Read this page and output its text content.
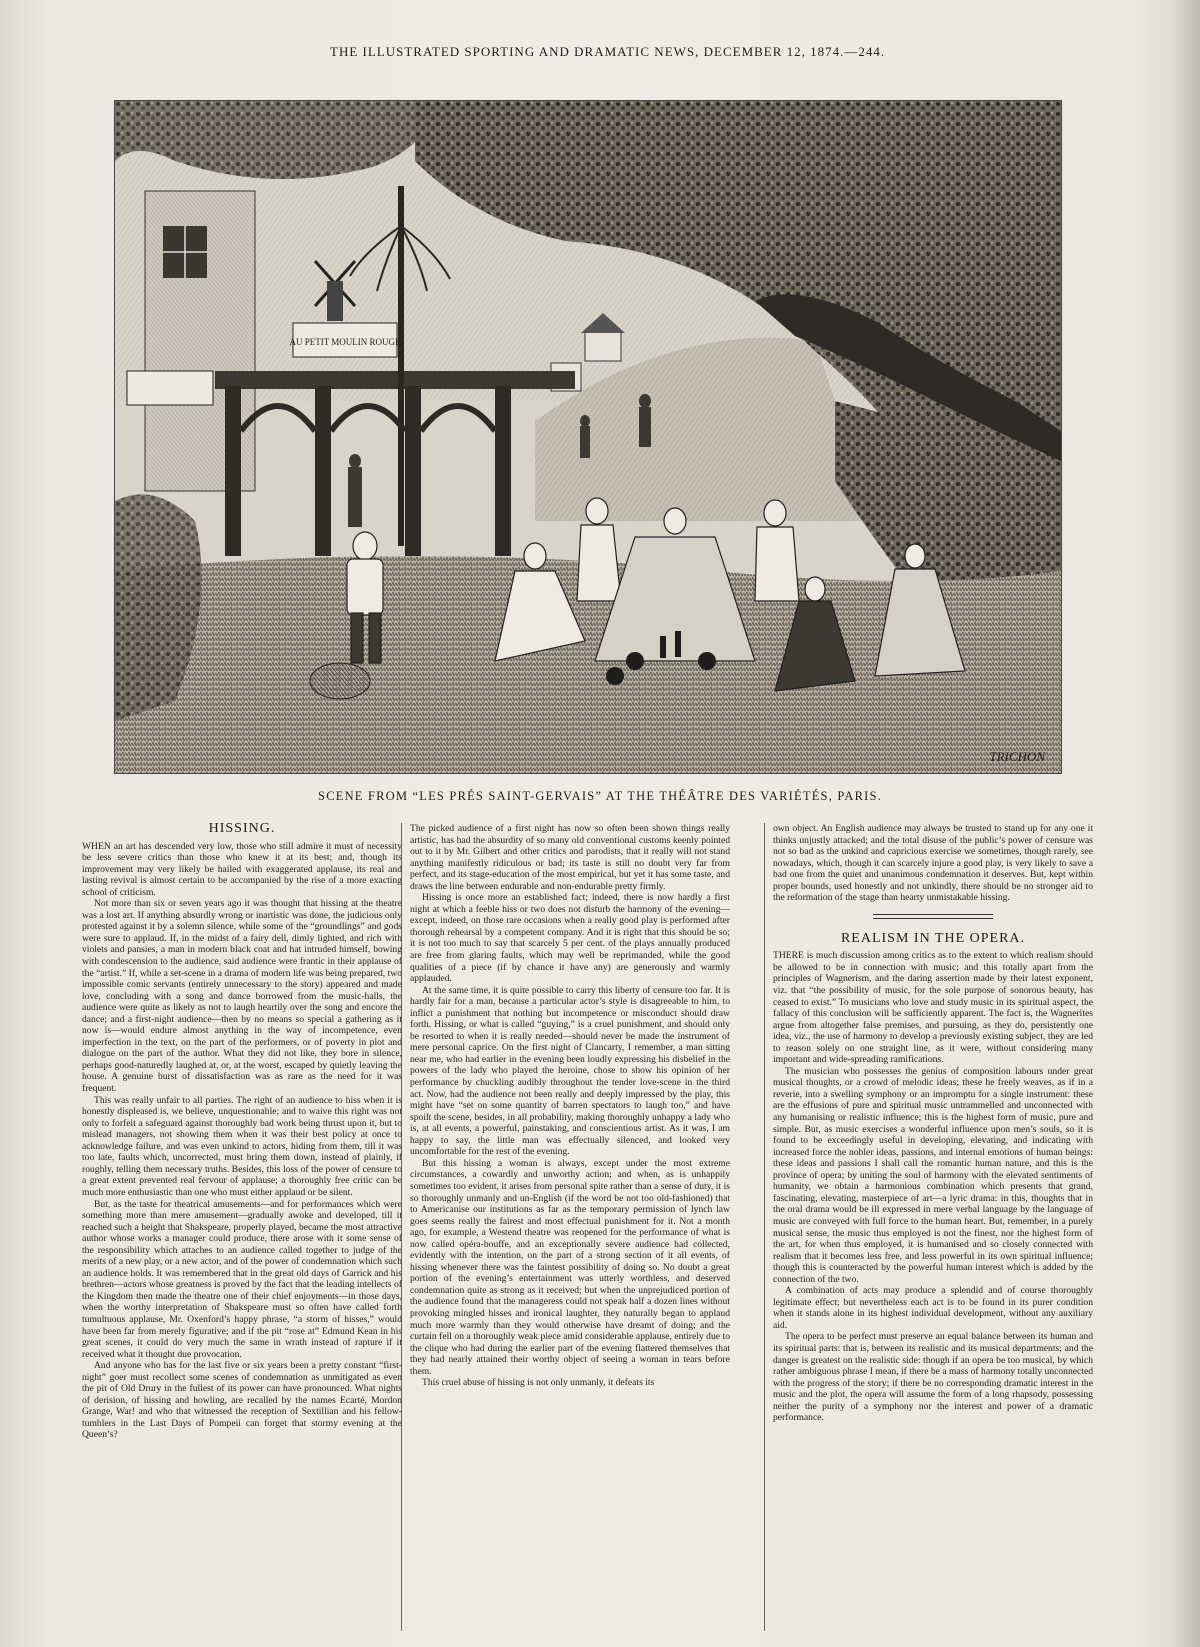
THE ILLUSTRATED SPORTING AND DRAMATIC NEWS, DECEMBER 12, 1874.—244.
AU PETIT MOULIN ROUGE
TRICHON
SCENE FROM “LES PRÉS SAINT-GERVAIS” AT THE THÉÂTRE DES VARIÉTÉS, PARIS.
HISSING.

WHEN an art has descended very low, those who still admire it must of necessity be less severe critics than those who knew it at its best; and, though its improvement may very likely be hailed with exaggerated applause, its real and lasting revival is almost certain to be accompanied by the rise of a more exacting school of criticism.

Not more than six or seven years ago it was thought that hissing at the theatre was a lost art. If anything absurdly wrong or inartistic was done, the judicious only protested against it by a solemn silence, while some of the “groundlings” and gods were sure to applaud. If, in the midst of a fairy dell, dimly lighted, and rich with violets and pansies, a man in modern black coat and hat intruded himself, bowing with condescension to the audience, said audience were frantic in their applause of the “artist.” If, while a set-scene in a drama of modern life was being prepared, two impossible comic servants (entirely unnecessary to the story) appeared and made love, concluding with a song and dance borrowed from the music-halls, the audience were quite as likely as not to laugh heartily over the song and encore the dance; and a first-night audience—then by no means so special a gathering as it now is—would endure almost anything in the way of incompetence, even imperfection in the text, on the part of the performers, or of poverty in plot and dialogue on the part of the author. What they did not like, they bore in silence, perhaps good-naturedly laughed at, or, at the worst, escaped by quietly leaving the house. A genuine burst of dissatisfaction was as rare as the need for it was frequent.

This was really unfair to all parties. The right of an audience to hiss when it is honestly displeased is, we believe, unquestionable; and to waive this right was not only to forfeit a safeguard against thoroughly bad work being thrust upon it, but to mislead managers, not showing them when it was their best policy at once to acknowledge failure, and was even unkind to actors, hiding from them, till it was too late, faults which, uncorrected, must bring them down, instead of plainly, if roughly, telling them necessary truths. Besides, this loss of the power of censure to a great extent prevented real fervour of applause; a thoroughly free critic can be much more enthusiastic than one who must either applaud or be silent.

But, as the taste for theatrical amusements—and for performances which were something more than mere amusement—gradually awoke and developed, till it reached such a height that Shakspeare, properly played, became the most attractive author whose works a manager could produce, there arose with it some sense of the responsibility which attaches to an audience called together to judge of the merits of a new play, or a new actor, and of the power of condemnation which such an audience holds. It was remembered that in the great old days of Garrick and his brethren—actors whose greatness is proved by the fact that the leading intellects of the Kingdom then made the theatre one of their chief enjoyments—in those days, when the worthy interpretation of Shakspeare must so often have called forth tumultuous applause, Mr. Oxenford’s happy phrase, “a storm of hisses,” would have been far from merely figurative; and if the pit “rose at” Edmund Kean in his great scenes, it could do very much the same in wrath instead of rapture if it received what it thought due provocation.

And anyone who has for the last five or six years been a pretty constant “first-night” goer must recollect some scenes of condemnation as unmitigated as even the pit of Old Drury in the fullest of its power can have pronounced. What nights of derision, of hissing and howling, are recalled by the names Ecarté, Mordon Grange, War! and who that witnessed the reception of Sextillian and his fellow-tumblers in the Last Days of Pompeii can forget that stormy evening at the Queen’s?

The picked audience of a first night has now so often been shown things really artistic, has had the absurdity of so many old conventional customs keenly pointed out to it by Mr. Gilbert and other critics and parodists, that it really will not stand anything manifestly ridiculous or bad; its taste is still no doubt very far from perfect, and its stage-education of the most empirical, but yet it has some taste, and draws the line between endurable and non-endurable pretty firmly.

Hissing is once more an established fact; indeed, there is now hardly a first night at which a feeble hiss or two does not disturb the harmony of the evening—except, indeed, on those rare occasions when a really good play is performed after thorough rehearsal by a competent company. And it is right that this should be so; it is not too much to say that scarcely 5 per cent. of the plays annually produced are free from glaring faults, which may well be reprimanded, while the good qualities of a piece (if by chance it have any) are generously and warmly applauded.

At the same time, it is quite possible to carry this liberty of censure too far. It is hardly fair for a man, because a particular actor’s style is disagreeable to him, to inflict a punishment that nothing but incompetence or misconduct should draw forth. Hissing, or what is called “guying,” is a cruel punishment, and should only be resorted to when it is really needed—should never be made the instrument of mere personal caprice. On the first night of Clancarty, I remember, a man sitting near me, who had earlier in the evening been loudly expressing his disbelief in the powers of the lady who played the heroine, chose to show his opinion of her performance by chuckling audibly throughout the tender love-scene in the third act. Now, had the audience not been really and deeply impressed by the play, this might have “set on some quantity of barren spectators to laugh too,” and have spoilt the scene, besides, in all probability, making thoroughly unhappy a lady who is, at all events, a powerful, painstaking, and conscientious artist. As it was, I am happy to say, the little man was effectually silenced, and looked very uncomfortable for the rest of the evening.

But this hissing a woman is always, except under the most extreme circumstances, a cowardly and unworthy action; and when, as is unhappily sometimes too evident, it arises from personal spite rather than a sense of duty, it is so thoroughly unmanly and un-English (if the word be not too old-fashioned) that to Americanise our institutions as far as the temporary permission of lynch law goes seems really the fairest and most effectual punishment for it. Not a month ago, for example, a Westend theatre was reopened for the performance of what is now called opéra-bouffe, and an exceptionally severe audience had collected, evidently with the intention, on the part of a strong section of it all events, of hissing whenever there was the faintest possibility of doing so. No doubt a great portion of the evening’s entertainment was utterly worthless, and deserved condemnation quite as strong as it received; but when the unprejudiced portion of the audience found that the manageress could not speak half a dozen lines without provoking mingled hisses and ironical laughter, they naturally began to applaud much more warmly than they would otherwise have dreamt of doing; and the curtain fell on a thoroughly weak piece amid considerable applause, entirely due to the clique who had during the earlier part of the evening flattered themselves that they had nearly attained their worthy object of seeing a woman in tears before them.

This cruel abuse of hissing is not only unmanly, it defeats its

own object. An English audience may always be trusted to stand up for any one it thinks unjustly attacked; and the total disuse of the public’s power of censure was not so bad as the unkind and capricious exercise we sometimes, though rarely, see nowadays, which, though it can scarcely injure a good play, is very likely to save a bad one from the quiet and unanimous condemnation it deserves. But, kept within proper bounds, used honestly and not unkindly, there should be no stronger aid to the reformation of the stage than hearty unmistakable hissing.

REALISM IN THE OPERA.

THERE is much discussion among critics as to the extent to which realism should be allowed to be in connection with music; and this totally apart from the principles of Wagnerism, and the daring assertion made by their latest exponent, viz. that “the possibility of music, for the sole purpose of sonorous beauty, has ceased to exist.” To musicians who love and study music in its spiritual aspect, the fallacy of this conclusion will be sufficiently apparent. The fact is, the Wagnerites argue from altogether false premises, and pursuing, as they do, persistently one idea, viz., the use of harmony to develop a previously existing subject, they are led to reason solely on one straight line, as it were, without considering many important and wide-spreading ramifications.

The musician who possesses the genius of composition labours under great musical thoughts, or a crowd of melodic ideas; these he freely weaves, as if in a reverie, into a swelling symphony or an impromptu for a single instrument: these are the effusions of pure and spiritual music untrammelled and unconnected with any humanising or realistic influence; this is the highest form of music, pure and simple. But, as music exercises a wonderful influence upon men’s souls, so it is found to be exceedingly useful in developing, elevating, and indicating with increased force the nobler ideas, passions, and internal emotions of human beings: these ideas and passions I shall call the romantic human nature, and this is the province of opera; by uniting the soul of harmony with the elevated sentiments of humanity, we obtain a harmonious combination which presents that grand, fascinating, elevating, masterpiece of art—a lyric drama: in this, thoughts that in the oral drama would be ill expressed in mere verbal language by the language of music are conveyed with full force to the human heart. But, remember, in a purely musical sense, the music thus employed is not the finest, nor the highest form of the art, for when thus employed, it is humanised and so closely connected with realism that it becomes less free, and less powerful in its own spiritual influence; though this is counteracted by the powerful human interest which is added by the connection of the two.

A combination of acts may produce a splendid and of course thoroughly legitimate effect; but nevertheless each act is to be found in its purer condition when it stands alone in its highest individual development, without any auxiliary aid.

The opera to be perfect must preserve an equal balance between its human and its spiritual parts: that is, between its realistic and its musical departments; and the danger is greatest on the realistic side: though if an opera be too musical, by which rather ambiguous phrase I mean, if there be a mass of harmony totally unconnected with the progress of the story; if there be no corresponding dramatic interest in the music and the plot, the opera will assume the form of a long rhapsody, possessing neither the purity of a symphony nor the interest and power of a dramatic performance.
